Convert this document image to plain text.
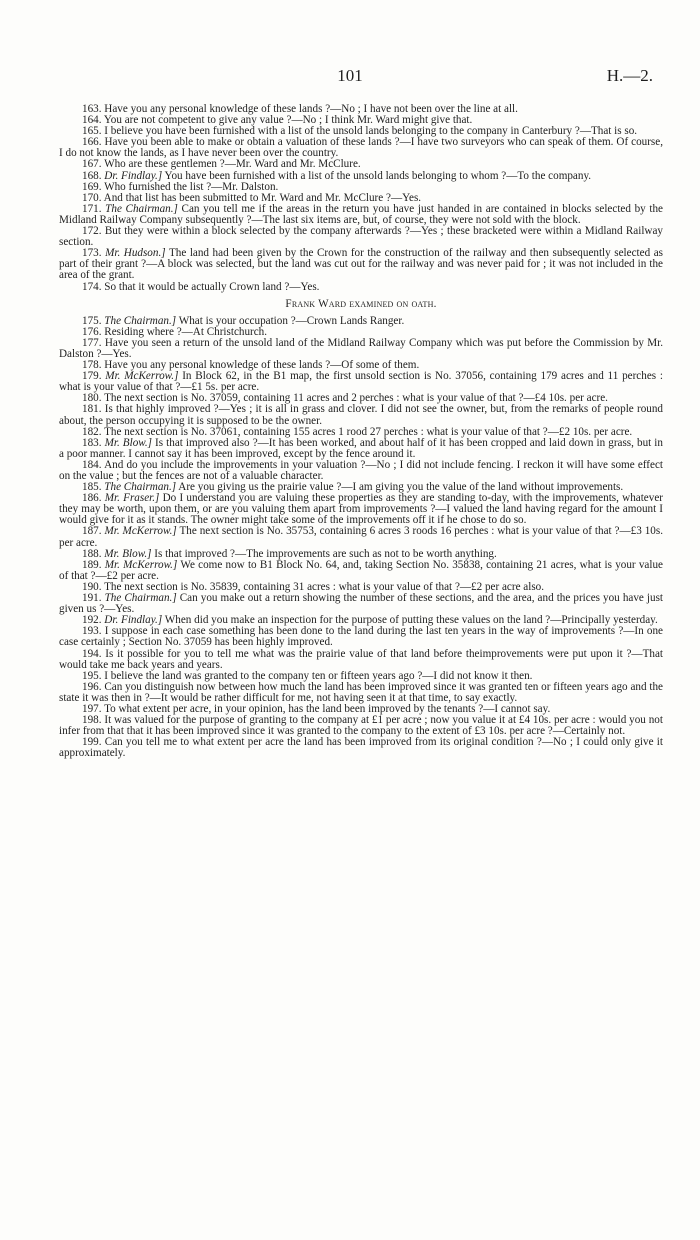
101	H.—2.

163. Have you any personal knowledge of these lands ?—No ; I have not been over the line at all.

164. You are not competent to give any value ?—No ; I think Mr. Ward might give that.

165. I believe you have been furnished with a list of the unsold lands belonging to the company in Canterbury ?—That is so.

166. Have you been able to make or obtain a valuation of these lands ?—I have two surveyors who can speak of them. Of course, I do not know the lands, as I have never been over the country.

167. Who are these gentlemen ?—Mr. Ward and Mr. McClure.

168. Dr. Findlay.] You have been furnished with a list of the unsold lands belonging to whom ?—To the company.

169. Who furnished the list ?—Mr. Dalston.

170. And that list has been submitted to Mr. Ward and Mr. McClure ?—Yes.

171. The Chairman.] Can you tell me if the areas in the return you have just handed in are contained in blocks selected by the Midland Railway Company subsequently ?—The last six items are, but, of course, they were not sold with the block.

172. But they were within a block selected by the company afterwards ?—Yes ; these bracketed were within a Midland Railway section.

173. Mr. Hudson.] The land had been given by the Crown for the construction of the railway and then subsequently selected as part of their grant ?—A block was selected, but the land was cut out for the railway and was never paid for ; it was not included in the area of the grant.

174. So that it would be actually Crown land ?—Yes.

Frank Ward examined on oath.

175. The Chairman.] What is your occupation ?—Crown Lands Ranger.

176. Residing where ?—At Christchurch.

177. Have you seen a return of the unsold land of the Midland Railway Company which was put before the Commission by Mr. Dalston ?—Yes.

178. Have you any personal knowledge of these lands ?—Of some of them.

179. Mr. McKerrow.] In Block 62, in the B1 map, the first unsold section is No. 37056, containing 179 acres and 11 perches : what is your value of that ?—£1 5s. per acre.

180. The next section is No. 37059, containing 11 acres and 2 perches : what is your value of that ?—£4 10s. per acre.

181. Is that highly improved ?—Yes ; it is all in grass and clover. I did not see the owner, but, from the remarks of people round about, the person occupying it is supposed to be the owner.

182. The next section is No. 37061, containing 155 acres 1 rood 27 perches : what is your value of that ?—£2 10s. per acre.

183. Mr. Blow.] Is that improved also ?—It has been worked, and about half of it has been cropped and laid down in grass, but in a poor manner. I cannot say it has been improved, except by the fence around it.

184. And do you include the improvements in your valuation ?—No ; I did not include fencing. I reckon it will have some effect on the value ; but the fences are not of a valuable character.

185. The Chairman.] Are you giving us the prairie value ?—I am giving you the value of the land without improvements.

186. Mr. Fraser.] Do I understand you are valuing these properties as they are standing to-day, with the improvements, whatever they may be worth, upon them, or are you valuing them apart from improvements ?—I valued the land having regard for the amount I would give for it as it stands. The owner might take some of the improvements off it if he chose to do so.

187. Mr. McKerrow.] The next section is No. 35753, containing 6 acres 3 roods 16 perches : what is your value of that ?—£3 10s. per acre.

188. Mr. Blow.] Is that improved ?—The improvements are such as not to be worth anything.

189. Mr. McKerrow.] We come now to B1 Block No. 64, and, taking Section No. 35838, containing 21 acres, what is your value of that ?—£2 per acre.

190. The next section is No. 35839, containing 31 acres : what is your value of that ?—£2 per acre also.

191. The Chairman.] Can you make out a return showing the number of these sections, and the area, and the prices you have just given us ?—Yes.

192. Dr. Findlay.] When did you make an inspection for the purpose of putting these values on the land ?—Principally yesterday.

193. I suppose in each case something has been done to the land during the last ten years in the way of improvements ?—In one case certainly ; Section No. 37059 has been highly improved.

194. Is it possible for you to tell me what was the prairie value of that land before theimprovements were put upon it ?—That would take me back years and years.

195. I believe the land was granted to the company ten or fifteen years ago ?—I did not know it then.

196. Can you distinguish now between how much the land has been improved since it was granted ten or fifteen years ago and the state it was then in ?—It would be rather difficult for me, not having seen it at that time, to say exactly.

197. To what extent per acre, in your opinion, has the land been improved by the tenants ?—I cannot say.

198. It was valued for the purpose of granting to the company at £1 per acre ; now you value it at £4 10s. per acre : would you not infer from that that it has been improved since it was granted to the company to the extent of £3 10s. per acre ?—Certainly not.

199. Can you tell me to what extent per acre the land has been improved from its original condition ?—No ; I could only give it approximately.
